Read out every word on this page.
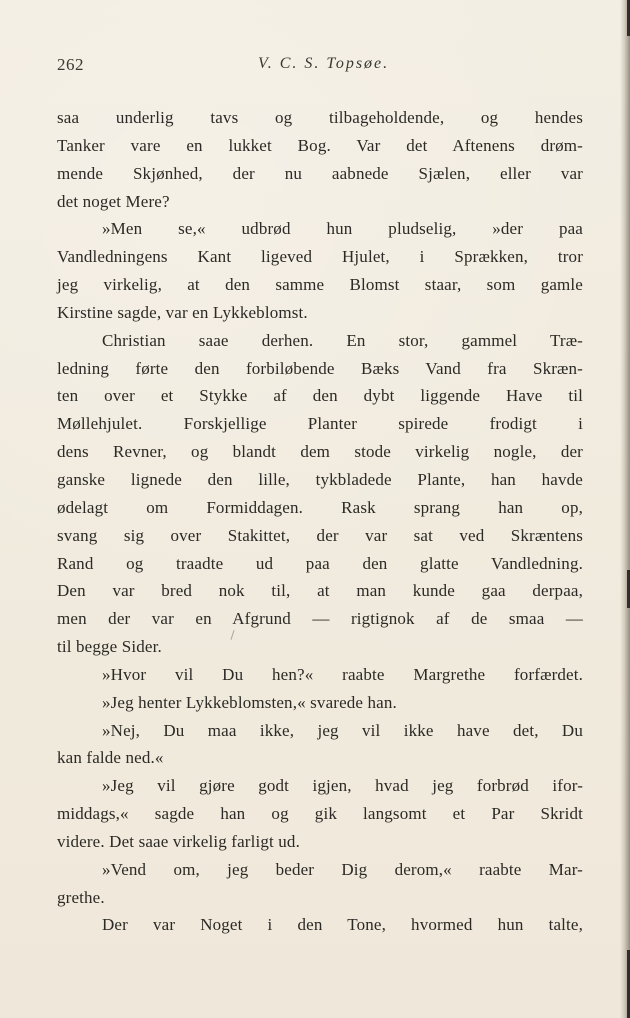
262	V. C. S. Topsøe.
saa underlig tavs og tilbageholdende, og hendes
Tanker vare en lukket Bog. Var det Aftenens drøm-
mende Skjønhed, der nu aabnede Sjælen, eller var
det noget Mere?
»Men se,« udbrød hun pludselig, »der paa
Vandledningens Kant ligeved Hjulet, i Sprækken, tror
jeg virkelig, at den samme Blomst staar, som gamle
Kirstine sagde, var en Lykkeblomst.
Christian saae derhen. En stor, gammel Træ-
ledning førte den forbiløbende Bæks Vand fra Skræn-
ten over et Stykke af den dybt liggende Have til
Møllehjulet. Forskjellige Planter spirede frodigt i
dens Revner, og blandt dem stode virkelig nogle, der
ganske lignede den lille, tykbladede Plante, han havde
ødelagt om Formiddagen. Rask sprang han op,
svang sig over Stakittet, der var sat ved Skræntens
Rand og traadte ud paa den glatte Vandledning.
Den var bred nok til, at man kunde gaa derpaa,
men der var en Afgrund — rigtignok af de smaa —
til begge Sider.
»Hvor vil Du hen?« raabte Margrethe forfærdet.
»Jeg henter Lykkeblomsten,« svarede han.
»Nej, Du maa ikke, jeg vil ikke have det, Du
kan falde ned.«
»Jeg vil gjøre godt igjen, hvad jeg forbrød ifor-
middags,« sagde han og gik langsomt et Par Skridt
videre. Det saae virkelig farligt ud.
»Vend om, jeg beder Dig derom,« raabte Mar-
grethe.
Der var Noget i den Tone, hvormed hun talte,
